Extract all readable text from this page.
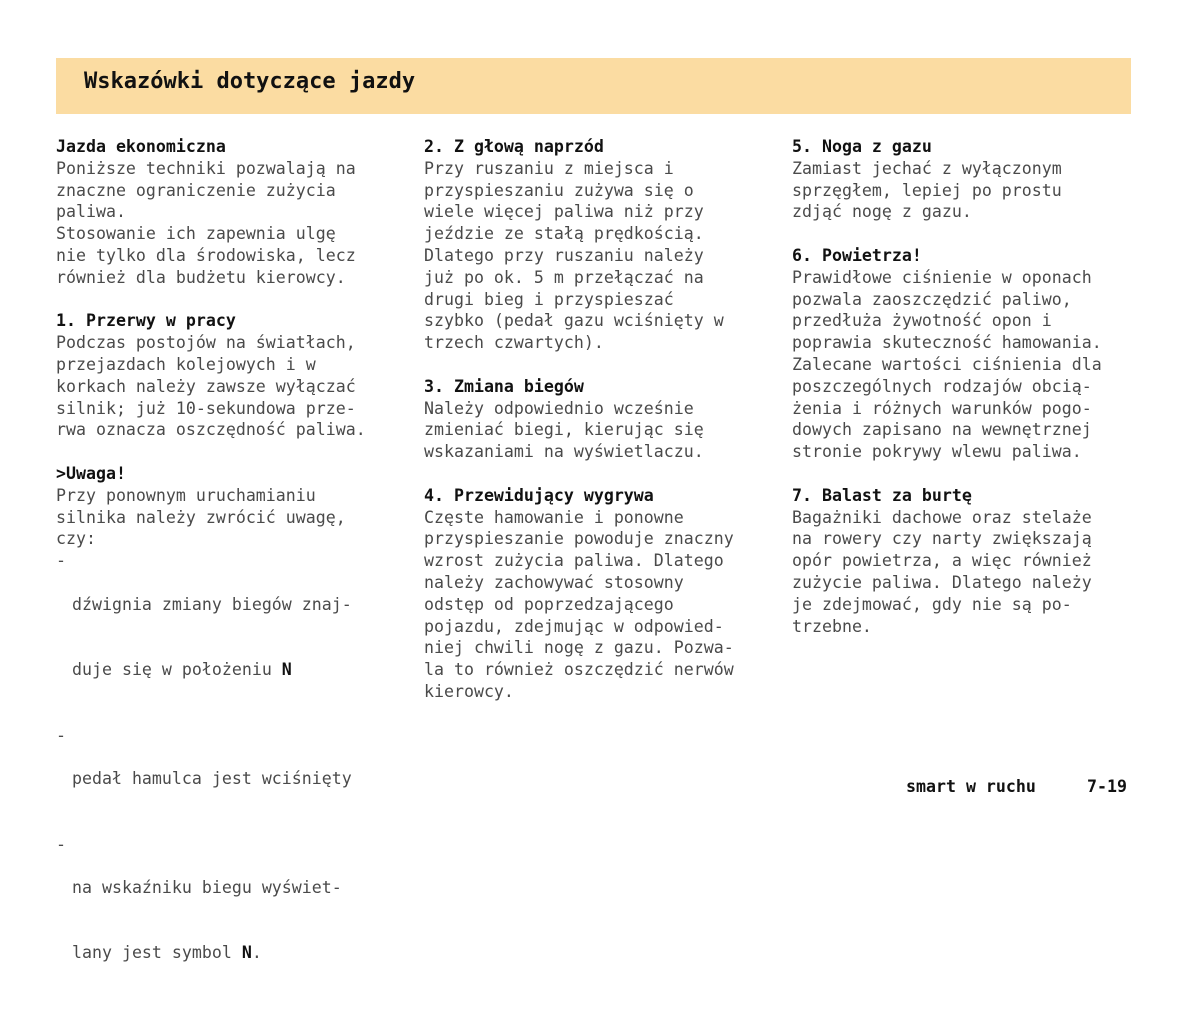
Wskazówki dotyczące jazdy
Jazda ekonomiczna
Poniższe techniki pozwalają na
znaczne ograniczenie zużycia
paliwa.
Stosowanie ich zapewnia ulgę
nie tylko dla środowiska, lecz
również dla budżetu kierowcy.
1. Przerwy w pracy
Podczas postojów na światłach,
przejazdach kolejowych i w
korkach należy zawsze wyłączać
silnik; już 10-sekundowa prze-
rwa oznacza oszczędność paliwa.
>Uwaga!
Przy ponownym uruchamianiu
silnika należy zwrócić uwagę,
czy:
-

dźwignia zmiany biegów znaj-

duje się w położeniu N

-

pedał hamulca jest wciśnięty

-

na wskaźniku biegu wyświet-

lany jest symbol N.

2. Z głową naprzód
Przy ruszaniu z miejsca i
przyspieszaniu zużywa się o
wiele więcej paliwa niż przy
jeździe ze stałą prędkością.
Dlatego przy ruszaniu należy
już po ok. 5 m przełączać na
drugi bieg i przyspieszać
szybko (pedał gazu wciśnięty w
trzech czwartych).
3. Zmiana biegów
Należy odpowiednio wcześnie
zmieniać biegi, kierując się
wskazaniami na wyświetlaczu.
4. Przewidujący wygrywa
Częste hamowanie i ponowne
przyspieszanie powoduje znaczny
wzrost zużycia paliwa. Dlatego
należy zachowywać stosowny
odstęp od poprzedzającego
pojazdu, zdejmując w odpowied-
niej chwili nogę z gazu. Pozwa-
la to również oszczędzić nerwów
kierowcy.
5. Noga z gazu
Zamiast jechać z wyłączonym
sprzęgłem, lepiej po prostu
zdjąć nogę z gazu.
6. Powietrza!
Prawidłowe ciśnienie w oponach
pozwala zaoszczędzić paliwo,
przedłuża żywotność opon i
poprawia skuteczność hamowania.
Zalecane wartości ciśnienia dla
poszczególnych rodzajów obcią-
żenia i różnych warunków pogo-
dowych zapisano na wewnętrznej
stronie pokrywy wlewu paliwa.
7. Balast za burtę
Bagażniki dachowe oraz stelaże
na rowery czy narty zwiększają
opór powietrza, a więc również
zużycie paliwa. Dlatego należy
je zdejmować, gdy nie są po-
trzebne.
smart w ruchu	7-19
